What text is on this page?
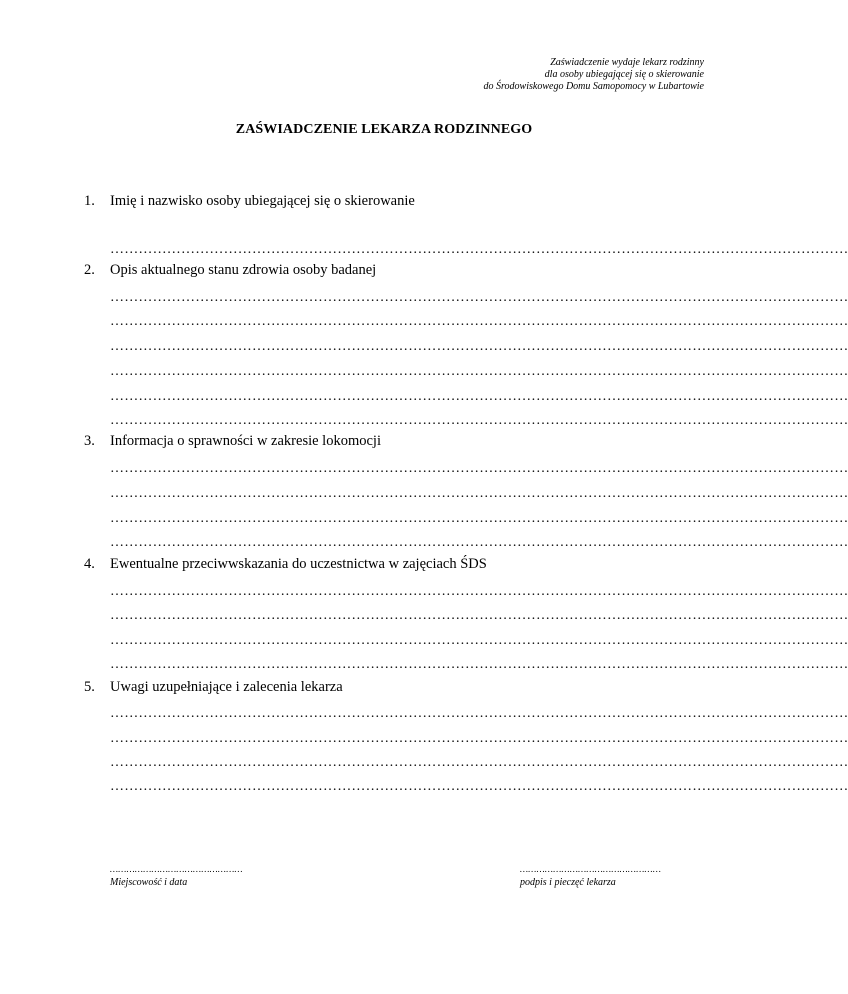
Zaświadczenie wydaje lekarz rodzinny
dla osoby ubiegającej się o skierowanie
do Środowiskowego Domu Samopomocy w Lubartowie
ZAŚWIADCZENIE LEKARZA RODZINNEGO
1. Imię i nazwisko osoby ubiegającej się o skierowanie
…………………………………………………………………………………………………………………………………………
2. Opis aktualnego stanu zdrowia osoby badanej
…………………………………………………………………………………………………………………………………………
…………………………………………………………………………………………………………………………………………
…………………………………………………………………………………………………………………………………………
…………………………………………………………………………………………………………………………………………
…………………………………………………………………………………………………………………………………………
…………………………………………………………………………………………………………………………………………
3. Informacja o sprawności w zakresie lokomocji
…………………………………………………………………………………………………………………………………………
…………………………………………………………………………………………………………………………………………
…………………………………………………………………………………………………………………………………………
…………………………………………………………………………………………………………………………………………
4. Ewentualne przeciwwskazania do uczestnictwa w zajęciach ŚDS
…………………………………………………………………………………………………………………………………………
…………………………………………………………………………………………………………………………………………
…………………………………………………………………………………………………………………………………………
…………………………………………………………………………………………………………………………………………
5. Uwagi uzupełniające i zalecenia lekarza
…………………………………………………………………………………………………………………………………………
…………………………………………………………………………………………………………………………………………
…………………………………………………………………………………………………………………………………………
…………………………………………………………………………………………………………………………………………
…………………………………………
Miejscowość i data
……………………………………………
podpis i pieczęć lekarza
